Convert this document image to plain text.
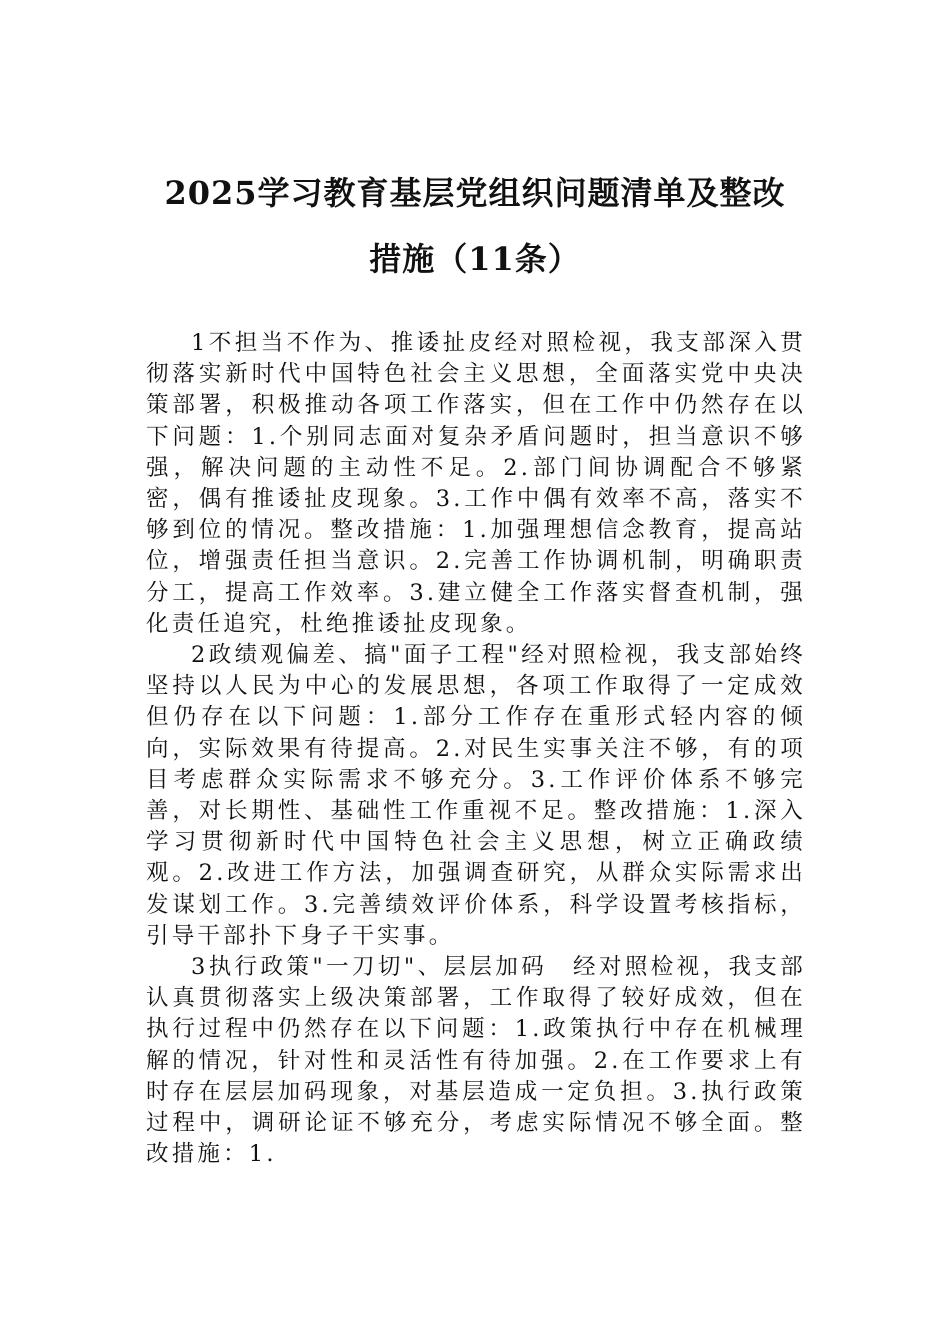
2025学习教育基层党组织问题清单及整改
措施（11条）

1不担当不作为、推诿扯皮经对照检视，我支部深入贯彻落实新时代中国特色社会主义思想，全面落实党中央决策部署，积极推动各项工作落实，但在工作中仍然存在以下问题：1.个别同志面对复杂矛盾问题时，担当意识不够强，解决问题的主动性不足。2.部门间协调配合不够紧密，偶有推诿扯皮现象。3.工作中偶有效率不高，落实不够到位的情况。整改措施：1.加强理想信念教育，提高站位，增强责任担当意识。2.完善工作协调机制，明确职责分工，提高工作效率。3.建立健全工作落实督查机制，强化责任追究，杜绝推诿扯皮现象。

2政绩观偏差、搞"面子工程"经对照检视，我支部始终坚持以人民为中心的发展思想，各项工作取得了一定成效但仍存在以下问题：1.部分工作存在重形式轻内容的倾向，实际效果有待提高。2.对民生实事关注不够，有的项目考虑群众实际需求不够充分。3.工作评价体系不够完善，对长期性、基础性工作重视不足。整改措施：1.深入学习贯彻新时代中国特色社会主义思想，树立正确政绩观。2.改进工作方法，加强调查研究，从群众实际需求出发谋划工作。3.完善绩效评价体系，科学设置考核指标，引导干部扑下身子干实事。

3执行政策"一刀切"、层层加码　经对照检视，我支部认真贯彻落实上级决策部署，工作取得了较好成效，但在执行过程中仍然存在以下问题：1.政策执行中存在机械理解的情况，针对性和灵活性有待加强。2.在工作要求上有时存在层层加码现象，对基层造成一定负担。3.执行政策过程中，调研论证不够充分，考虑实际情况不够全面。整改措施：1.
